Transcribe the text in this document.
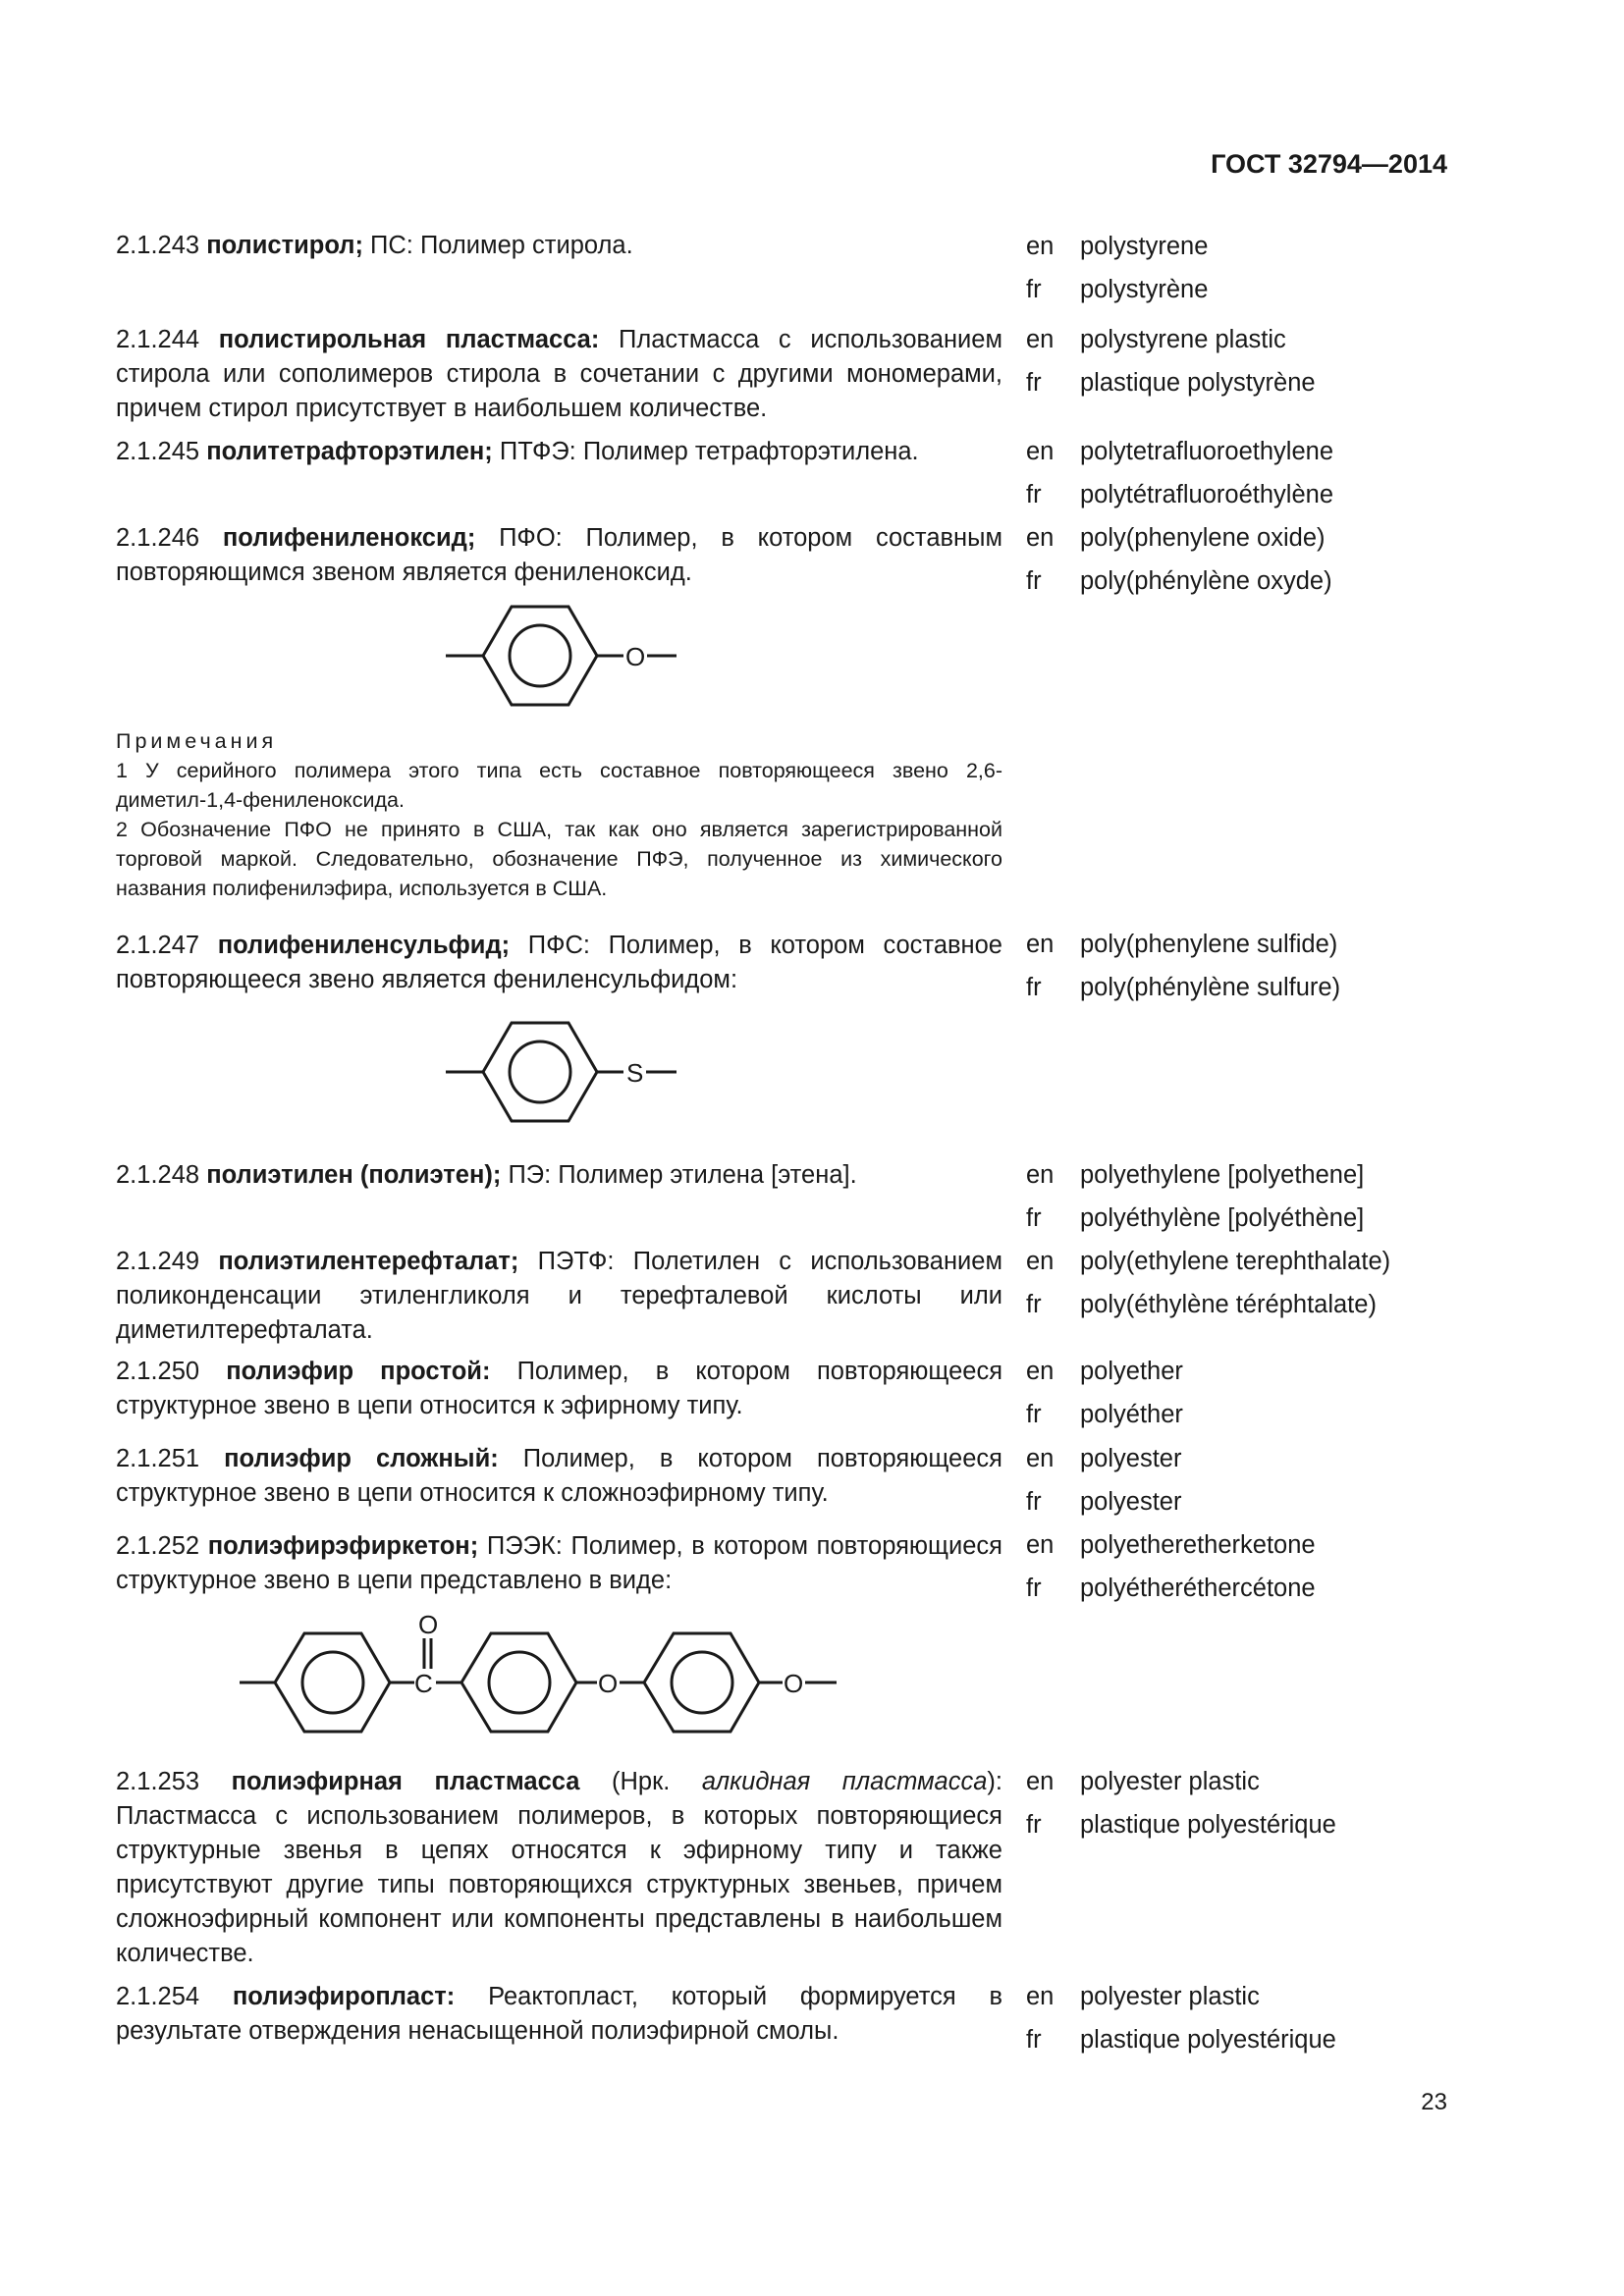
ГОСТ 32794—2014
2.1.243 полистирол; ПС: Полимер стирола.	en polystyrene
fr polystyrène
2.1.244 полистирольная пластмасса: Пластмасса с использованием стирола или сополимеров стирола в сочетании с другими мономерами, причем стирол присутствует в наибольшем количестве.
en polystyrene plastic
fr plastique polystyrène
2.1.245 политетрафторэтилен; ПТФЭ: Полимер тетрафторэтилена.	en polytetrafluoroethylene
fr polytétrafluoroéthylène
2.1.246 полифениленоксид; ПФО: Полимер, в котором составным повторяющимся звеном является фениленоксид.
en poly(phenylene oxide)
fr poly(phénylène oxyde)
O
Примечания
1 У серийного полимера этого типа есть составное повторяющееся звено 2,6-диметил-1,4-фениленоксида.
2 Обозначение ПФО не принято в США, так как оно является зарегистрированной торговой маркой. Следовательно, обозначение ПФЭ, полученное из химического названия полифенилэфира, используется в США.
2.1.247 полифениленсульфид; ПФС: Полимер, в котором составное повторяющееся звено является фениленсульфидом:
en poly(phenylene sulfide)
fr poly(phénylène sulfure)
S
2.1.248 полиэтилен (полиэтен); ПЭ: Полимер этилена [этена].	en polyethylene [polyethene]
fr polyéthylène [polyéthène]
2.1.249 полиэтилентерефталат; ПЭТФ: Полетилен с использованием поликонденсации этиленгликоля и терефталевой кислоты или диметилтерефталата.
en poly(ethylene terephthalate)
fr poly(éthylène téréphtalate)
2.1.250 полиэфир простой: Полимер, в котором повторяющееся структурное звено в цепи относится к эфирному типу.
en polyether
fr polyéther
2.1.251 полиэфир сложный: Полимер, в котором повторяющееся структурное звено в цепи относится к сложноэфирному типу.
en polyester
fr polyester
2.1.252 полиэфирэфиркетон; ПЭЭК: Полимер, в котором повторяющиеся структурное звено в цепи представлено в виде:
en polyetheretherketone
fr polyétheréthercétone
C
O
O	O
2.1.253 полиэфирная пластмасса (Нрк. алкидная пластмасса): Пластмасса с использованием полимеров, в которых повторяющиеся структурные звенья в цепях относятся к эфирному типу и также присутствуют другие типы повторяющихся структурных звеньев, причем сложноэфирный компонент или компоненты представлены в наибольшем количестве.
en polyester plastic
fr plastique polyestérique
2.1.254 полиэфиропласт: Реактопласт, который формируется в результате отверждения ненасыщенной полиэфирной смолы.
en polyester plastic
fr plastique polyestérique
23
